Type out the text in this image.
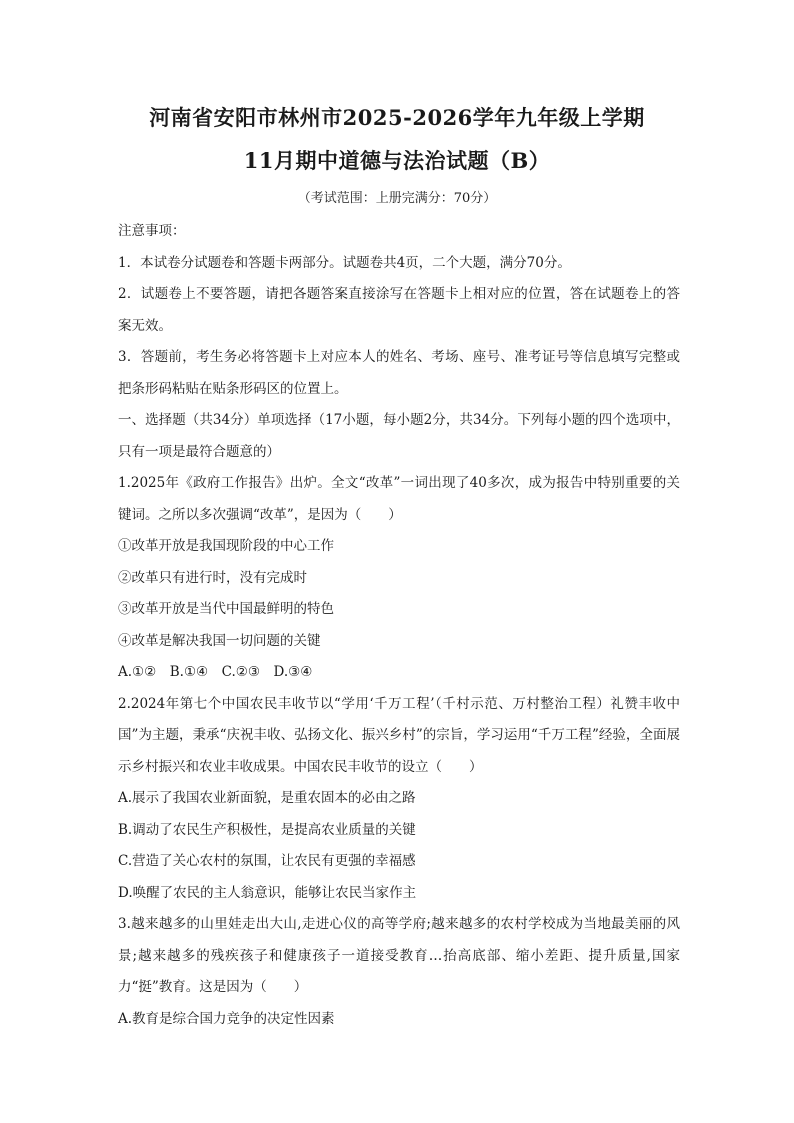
河南省安阳市林州市2025-2026学年九年级上学期
11月期中道德与法治试题（B）
（考试范围：上册完满分：70分）

注意事项：

1．本试卷分试题卷和答题卡两部分。试题卷共4页，二个大题，满分70分。

2．试题卷上不要答题，请把各题答案直接涂写在答题卡上相对应的位置，答在试题卷上的答案无效。

3．答题前，考生务必将答题卡上对应本人的姓名、考场、座号、准考证号等信息填写完整或把条形码粘贴在贴条形码区的位置上。

一、选择题（共34分）单项选择（17小题，每小题2分，共34分。下列每小题的四个选项中，只有一项是最符合题意的）

1.2025年《政府工作报告》出炉。全文“改革”一词出现了40多次，成为报告中特别重要的关键词。之所以多次强调“改革”，是因为（　　）

①改革开放是我国现阶段的中心工作

②改革只有进行时，没有完成时

③改革开放是当代中国最鲜明的特色

④改革是解决我国一切问题的关键

A.①②　B.①④　C.②③　D.③④

2.2024年第七个中国农民丰收节以“学用‘千万工程’（千村示范、万村整治工程）礼赞丰收中国”为主题，秉承“庆祝丰收、弘扬文化、振兴乡村”的宗旨，学习运用“千万工程”经验，全面展示乡村振兴和农业丰收成果。中国农民丰收节的设立（　　）

A.展示了我国农业新面貌，是重农固本的必由之路

B.调动了农民生产积极性，是提高农业质量的关键

C.营造了关心农村的氛围，让农民有更强的幸福感

D.唤醒了农民的主人翁意识，能够让农民当家作主

3.越来越多的山里娃走出大山,走进心仪的高等学府;越来越多的农村学校成为当地最美丽的风景;越来越多的残疾孩子和健康孩子一道接受教育…抬高底部、缩小差距、提升质量,国家力“挺”教育。这是因为（　　）

A.教育是综合国力竞争的决定性因素
